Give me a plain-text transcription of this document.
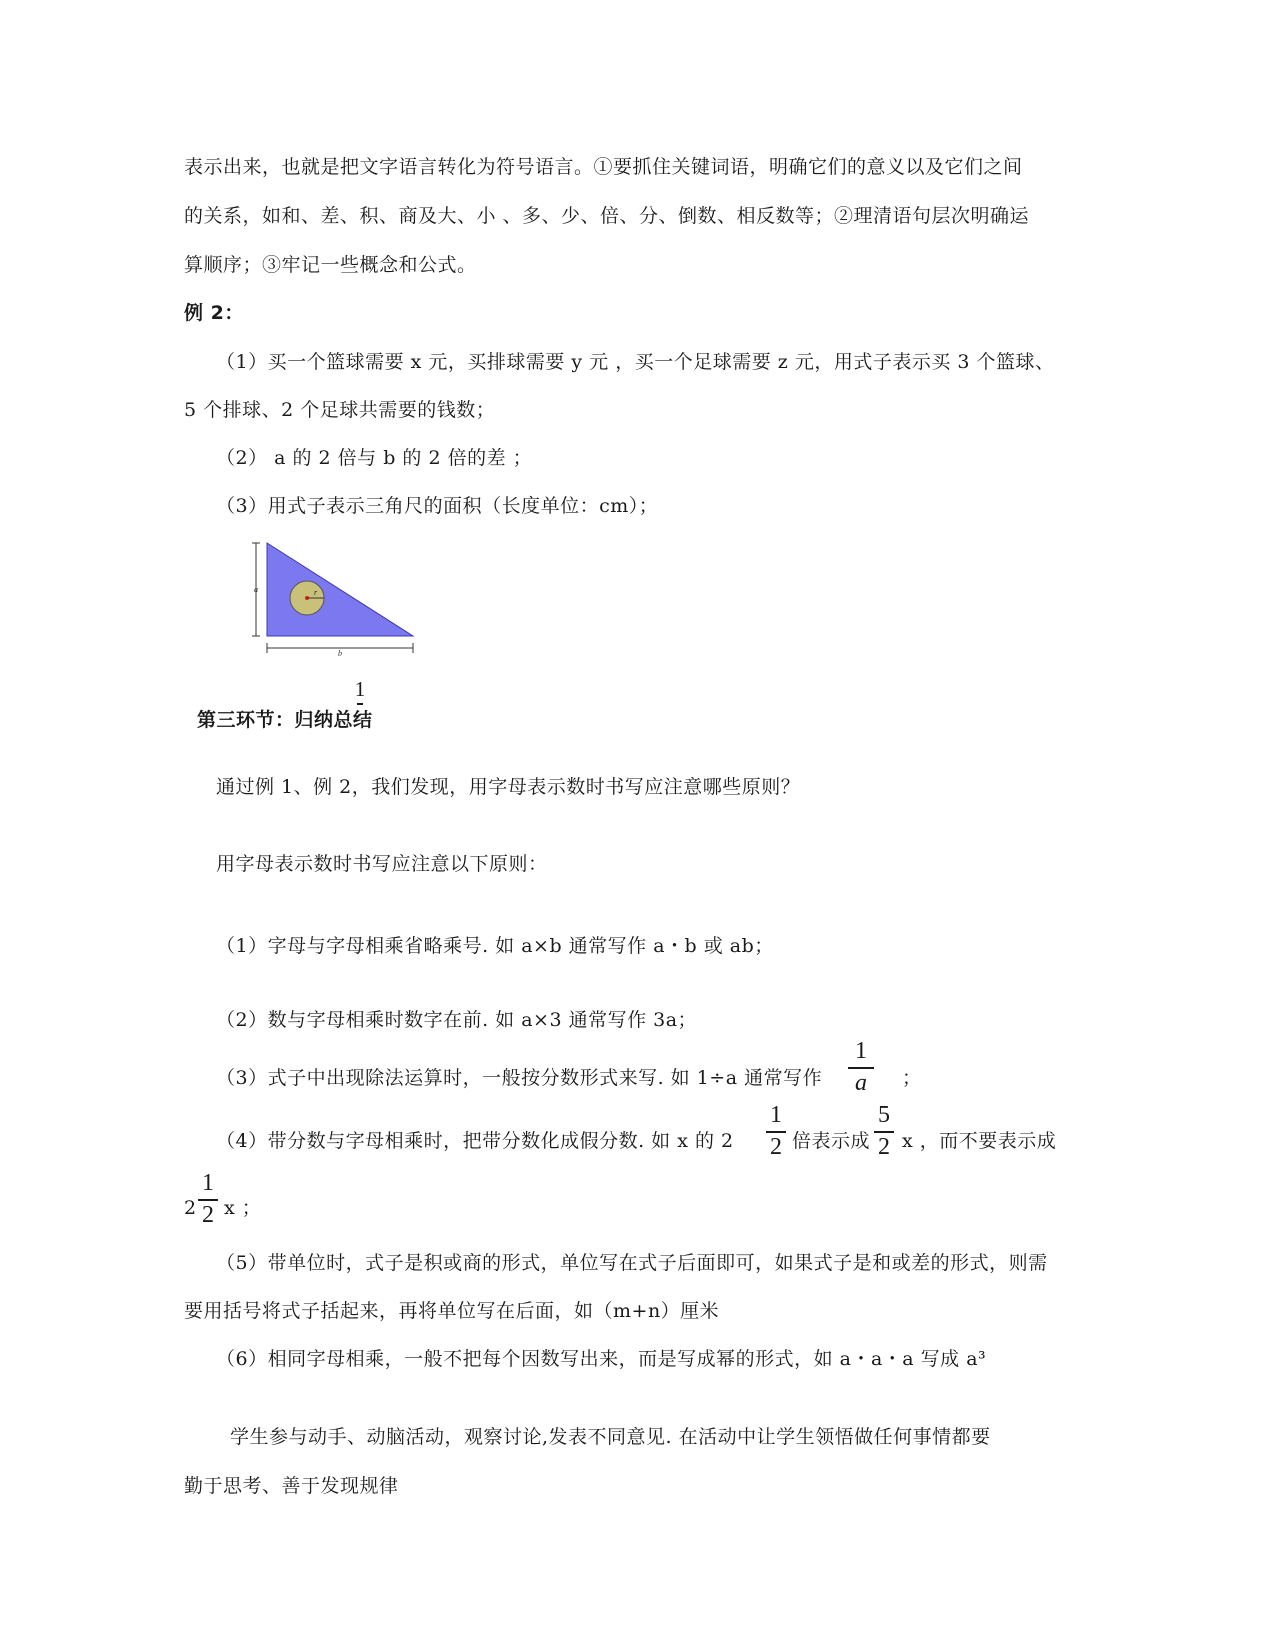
表示出来，也就是把文字语言转化为符号语言。①要抓住关键词语，明确它们的意义以及它们之间
的关系，如和、差、积、商及大、小 、多、少、倍、分、倒数、相反数等；②理清语句层次明确运
算顺序；③牢记一些概念和公式。
例 2：
（1）买一个篮球需要 x 元，买排球需要 y 元 ，买一个足球需要 z 元，用式子表示买 3 个篮球、
5 个排球、2 个足球共需要的钱数；
（2） a 的 2 倍与 b 的 2 倍的差 ；
（3）用式子表示三角尺的面积（长度单位：cm）；
a	r
b
1
第三环节：归纳总结
通过例 1、例 2，我们发现，用字母表示数时书写应注意哪些原则？
用字母表示数时书写应注意以下原则：
（1）字母与字母相乘省略乘号. 如 a×b 通常写作 a・b 或 ab；
（2）数与字母相乘时数字在前. 如 a×3 通常写作 3a；
（3）式子中出现除法运算时，一般按分数形式来写. 如 1÷a 通常写作
1
a	；
（4）带分数与字母相乘时，把带分数化成假分数. 如 x 的 2
1
2 倍表示成
5
2 x ，而不要表示成
2
1
2 x ；
（5）带单位时，式子是积或商的形式，单位写在式子后面即可，如果式子是和或差的形式，则需
要用括号将式子括起来，再将单位写在后面，如（m+n）厘米
（6）相同字母相乘，一般不把每个因数写出来，而是写成幂的形式，如 a・a・a 写成 a³
学生参与动手、动脑活动，观察讨论,发表不同意见. 在活动中让学生领悟做任何事情都要
勤于思考、善于发现规律
